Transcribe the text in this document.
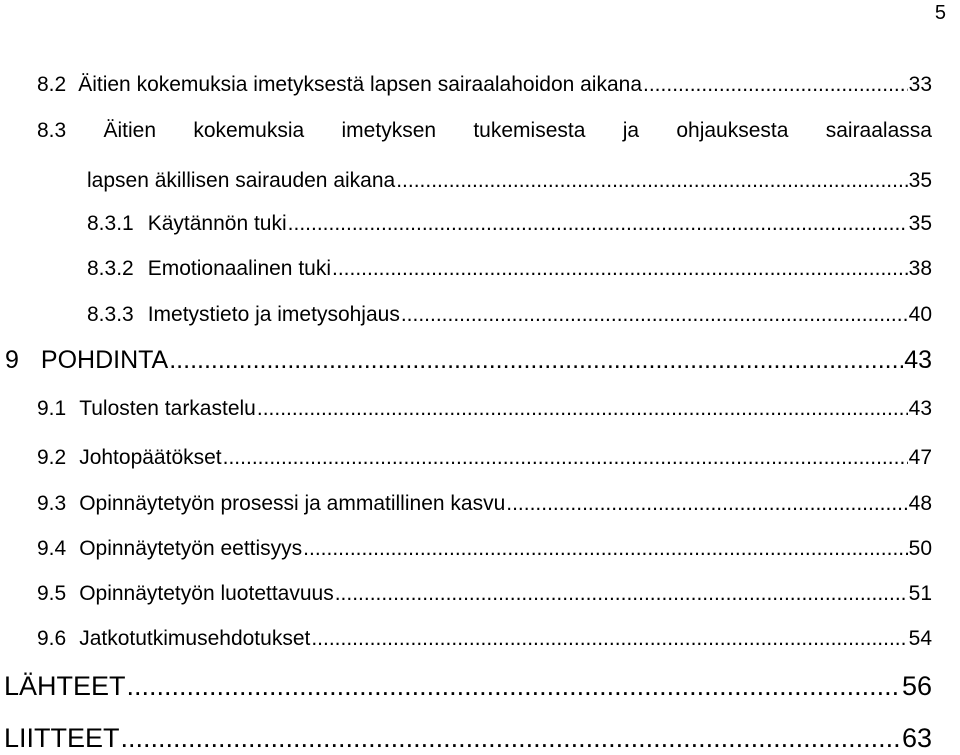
5
8.2 Äitien kokemuksia imetyksestä lapsen sairaalahoidon aikana .....	33
8.3 Äitien kokemuksia imetyksen tukemisesta ja ohjauksesta sairaalassa
lapsen äkillisen sairauden aikana .....	35
8.3.1 Käytännön tuki .....	35
8.3.2 Emotionaalinen tuki .....	38
8.3.3 Imetystieto ja imetysohjaus .....	40
9 POHDINTA .....	43
9.1 Tulosten tarkastelu .....	43
9.2 Johtopäätökset .....	47
9.3 Opinnäytetyön prosessi ja ammatillinen kasvu .....	48
9.4 Opinnäytetyön eettisyys .....	50
9.5 Opinnäytetyön luotettavuus .....	51
9.6 Jatkotutkimusehdotukset .....	54
LÄHTEET .....	56
LIITTEET .....	63
